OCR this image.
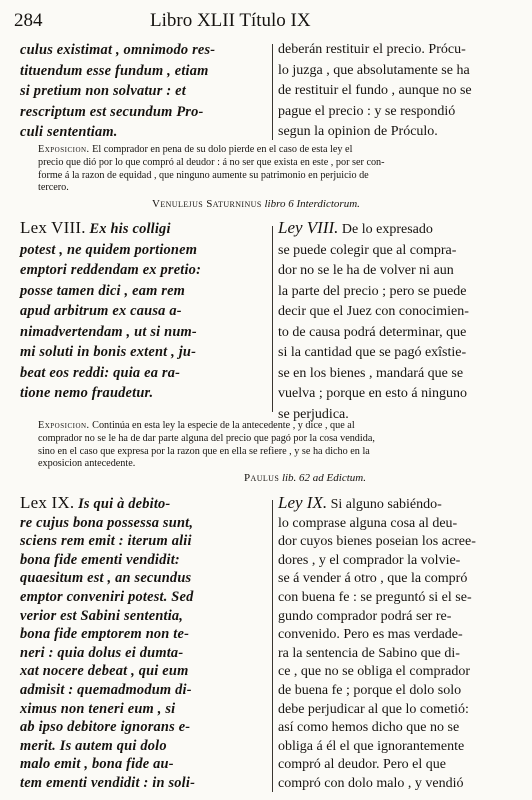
284	Libro XLII Título IX
culus existimat , omnimodo res-
tituendum esse fundum , etiam
si pretium non solvatur : et
rescriptum est secundum Pro-
culi sententiam.
deberán restituir el precio. Prócu-
lo juzga , que absolutamente se ha
de restituir el fundo , aunque no se
pague el precio : y se respondió
segun la opinion de Próculo.
Exposicion. El comprador en pena de su dolo pierde en el caso de esta ley el
precio que dió por lo que compró al deudor : á no ser que exista en este , por ser con-
forme á la razon de equidad , que ninguno aumente su patrimonio en perjuicio de
tercero.
Venulejus Saturninus libro 6 Interdictorum.
Lex VIII. Ex his colligi
potest , ne quidem portionem
emptori reddendam ex pretio:
posse tamen dici , eam rem
apud arbitrum ex causa a-
nimadvertendam , ut si num-
mi soluti in bonis extent , ju-
beat eos reddi: quia ea ra-
tione nemo fraudetur.
Ley VIII. De lo expresado
se puede colegir que al compra-
dor no se le ha de volver ni aun
la parte del precio ; pero se puede
decir que el Juez con conocimien-
to de causa podrá determinar, que
si la cantidad que se pagó exîstie-
se en los bienes , mandará que se
vuelva ; porque en esto á ninguno
se perjudica.
Exposicion. Continúa en esta ley la especie de la antecedente , y dice , que al
comprador no se le ha de dar parte alguna del precio que pagó por la cosa vendida,
sino en el caso que expresa por la razon que en ella se refiere , y se ha dicho en la
exposicion antecedente.
Paulus lib. 62 ad Edictum.
Lex IX. Is qui à debito-
re cujus bona possessa sunt,
sciens rem emit : iterum alii
bona fide ementi vendidit:
quaesitum est , an secundus
emptor conveniri potest. Sed
verior est Sabini sententia,
bona fide emptorem non te-
neri : quia dolus ei dumta-
xat nocere debeat , qui eum
admisit : quemadmodum di-
ximus non teneri eum , si
ab ipso debitore ignorans e-
merit. Is autem qui dolo
malo emit , bona fide au-
tem ementi vendidit : in soli-
Ley IX. Si alguno sabiéndo-
lo comprase alguna cosa al deu-
dor cuyos bienes poseian los acree-
dores , y el comprador la volvie-
se á vender á otro , que la compró
con buena fe : se preguntó si el se-
gundo comprador podrá ser re-
convenido. Pero es mas verdade-
ra la sentencia de Sabino que di-
ce , que no se obliga el comprador
de buena fe ; porque el dolo solo
debe perjudicar al que lo cometió:
así como hemos dicho que no se
obliga á él el que ignorantemente
compró al deudor. Pero el que
compró con dolo malo , y vendió
